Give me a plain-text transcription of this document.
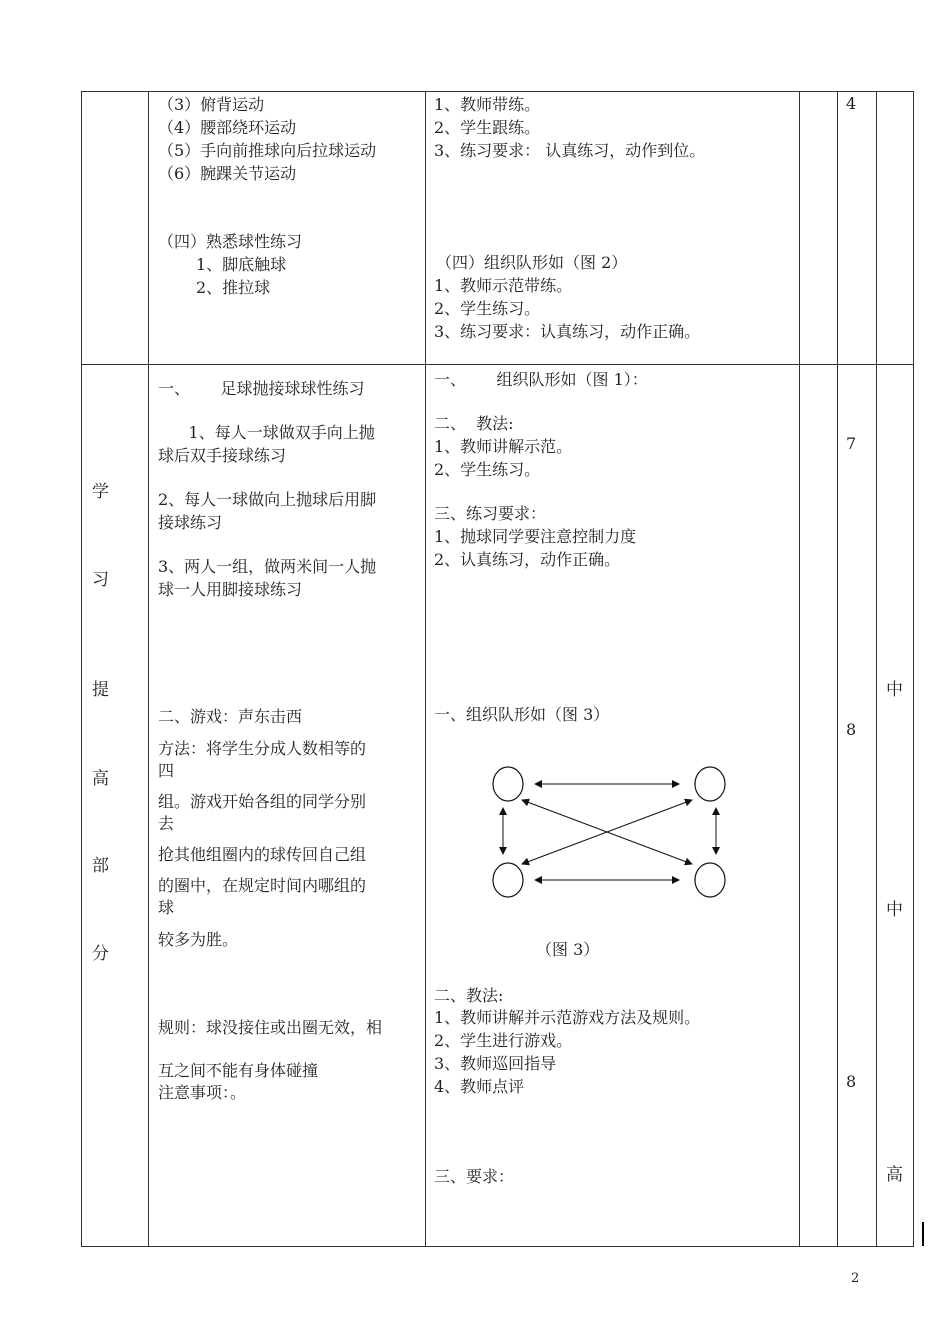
（3）俯背运动
（4）腰部绕环运动
（5）手向前推球向后拉球运动
（6）腕踝关节运动
（四）熟悉球性练习
1、脚底触球
2、推拉球
1、教师带练。
2、学生跟练。
3、练习要求： 认真练习，动作到位。
（四）组织队形如（图 2）
1、教师示范带练。
2、学生练习。
3、练习要求：认真练习，动作正确。
4
学
习
提
高
部
分
一、      足球抛接球球性练习
1、每人一球做双手向上抛
球后双手接球练习
2、每人一球做向上抛球后用脚
接球练习
3、两人一组，做两米间一人抛
球一人用脚接球练习
二、游戏：声东击西
方法：将学生分成人数相等的
四
组。游戏开始各组的同学分别
去
抢其他组圈内的球传回自己组
的圈中，在规定时间内哪组的
球
较多为胜。
规则：球没接住或出圈无效，相
互之间不能有身体碰撞
注意事项：。
一、      组织队形如（图 1）：
二、  教法:
1、教师讲解示范。
2、学生练习。
三、练习要求：
1、抛球同学要注意控制力度
2、认真练习，动作正确。
一、组织队形如（图 3）
（图 3）
二、教法:
1、教师讲解并示范游戏方法及规则。
2、学生进行游戏。
3、教师巡回指导
4、教师点评
三、要求：
7
8
8
中
中
高
2
